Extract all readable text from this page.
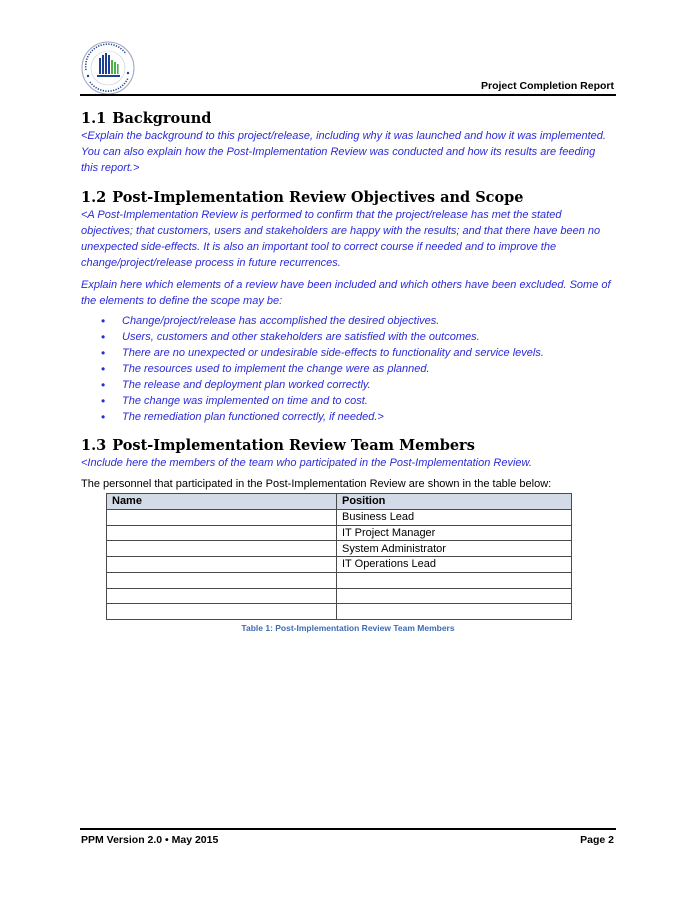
Project Completion Report
1.1 Background
<Explain the background to this project/release, including why it was launched and how it was implemented. You can also explain how the Post-Implementation Review was conducted and how its results are feeding this report.>
1.2 Post-Implementation Review Objectives and Scope
<A Post-Implementation Review is performed to confirm that the project/release has met the stated objectives; that customers, users and stakeholders are happy with the results; and that there have been no unexpected side-effects. It is also an important tool to correct course if needed and to improve the change/project/release process in future recurrences.
Explain here which elements of a review have been included and which others have been excluded. Some of the elements to define the scope may be:
• Change/project/release has accomplished the desired objectives.
• Users, customers and other stakeholders are satisfied with the outcomes.
• There are no unexpected or undesirable side-effects to functionality and service levels.
• The resources used to implement the change were as planned.
• The release and deployment plan worked correctly.
• The change was implemented on time and to cost.
• The remediation plan functioned correctly, if needed.>
1.3 Post-Implementation Review Team Members
<Include here the members of the team who participated in the Post-Implementation Review.
The personnel that participated in the Post-Implementation Review are shown in the table below:
Name	Position
	Business Lead
	IT Project Manager
	System Administrator
	IT Operations Lead

Table 1: Post-Implementation Review Team Members
PPM Version 2.0 • May 2015	Page 2
